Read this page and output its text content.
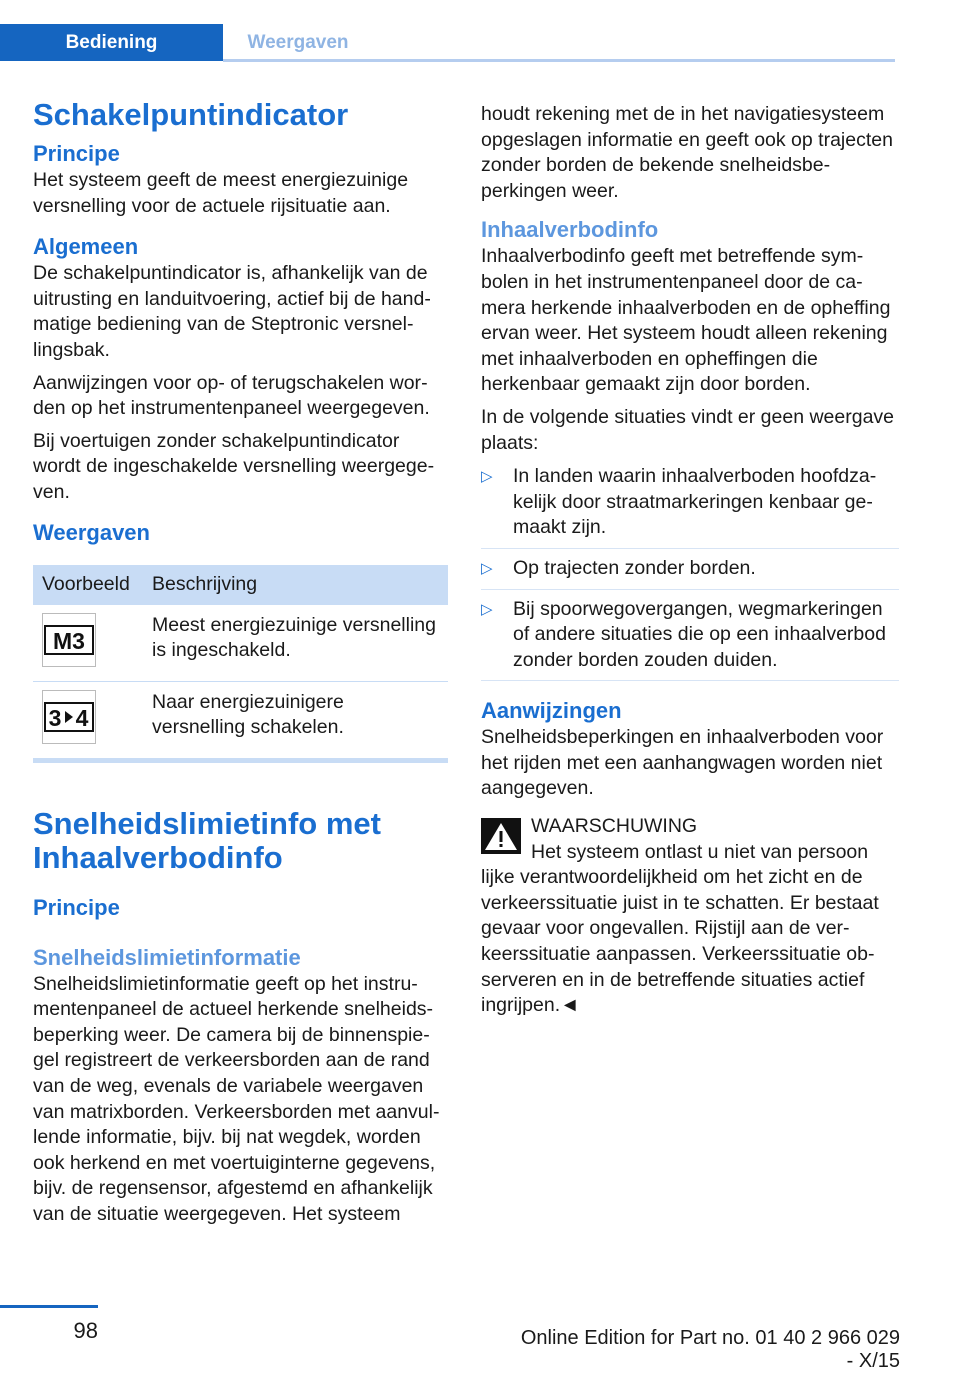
Bediening	Weergaven
Schakelpuntindicator
Principe

Het systeem geeft de meest energiezuinige versnelling voor de actuele rijsituatie aan.

Algemeen

De schakelpuntindicator is, afhankelijk van de uitrusting en landuitvoering, actief bij de handmatige bediening van de Steptronic versnellingsbak.

Aanwijzingen voor op- of terugschakelen worden op het instrumentenpaneel weergegeven.

Bij voertuigen zonder schakelpuntindicator wordt de ingeschakelde versnelling weergegeven.

Weergaven
Voorbeeld	Beschrijving

M3	Meest energiezuinige versnelling is ingeschakeld.

3 4	Naar energiezuinigere versnelling schakelen.
Snelheidslimietinfo met
Inhaalverbodinfo
Principe
Snelheidslimietinformatie

Snelheidslimietinformatie geeft op het instrumentenpaneel de actueel herkende snelheidsbeperking weer. De camera bij de binnenspiegel registreert de verkeersborden aan de rand van de weg, evenals de variabele weergaven van matrixborden. Verkeersborden met aanvullende informatie, bijv. bij nat wegdek, worden ook herkend en met voertuiginterne gegevens, bijv. de regensensor, afgestemd en afhankelijk van de situatie weergegeven. Het systeem

houdt rekening met de in het navigatiesysteem opgeslagen informatie en geeft ook op trajecten zonder borden de bekende snelheidsbeperkingen weer.

Inhaalverbodinfo

Inhaalverbodinfo geeft met betreffende symbolen in het instrumentenpaneel door de camera herkende inhaalverboden en de opheffing ervan weer. Het systeem houdt alleen rekening met inhaalverboden en opheffingen die herkenbaar gemaakt zijn door borden.

In de volgende situaties vindt er geen weergave plaats:

▷ In landen waarin inhaalverboden hoofdzakelijk door straatmarkeringen kenbaar gemaakt zijn.
▷ Op trajecten zonder borden.
▷ Bij spoorwegovergangen, wegmarkeringen of andere situaties die op een inhaalverbod zonder borden zouden duiden.
Aanwijzingen

Snelheidsbeperkingen en inhaalverboden voor het rijden met een aanhangwagen worden niet aangegeven.

WAARSCHUWING

Het systeem ontlast u niet van persoon

lijke verantwoordelijkheid om het zicht en de verkeerssituatie juist in te schatten. Er bestaat gevaar voor ongevallen. Rijstijl aan de verkeerssituatie aanpassen. Verkeerssituatie observeren en in de betreffende situaties actief ingrijpen.◄

98	Online Edition for Part no. 01 40 2 966 029 - X/15
